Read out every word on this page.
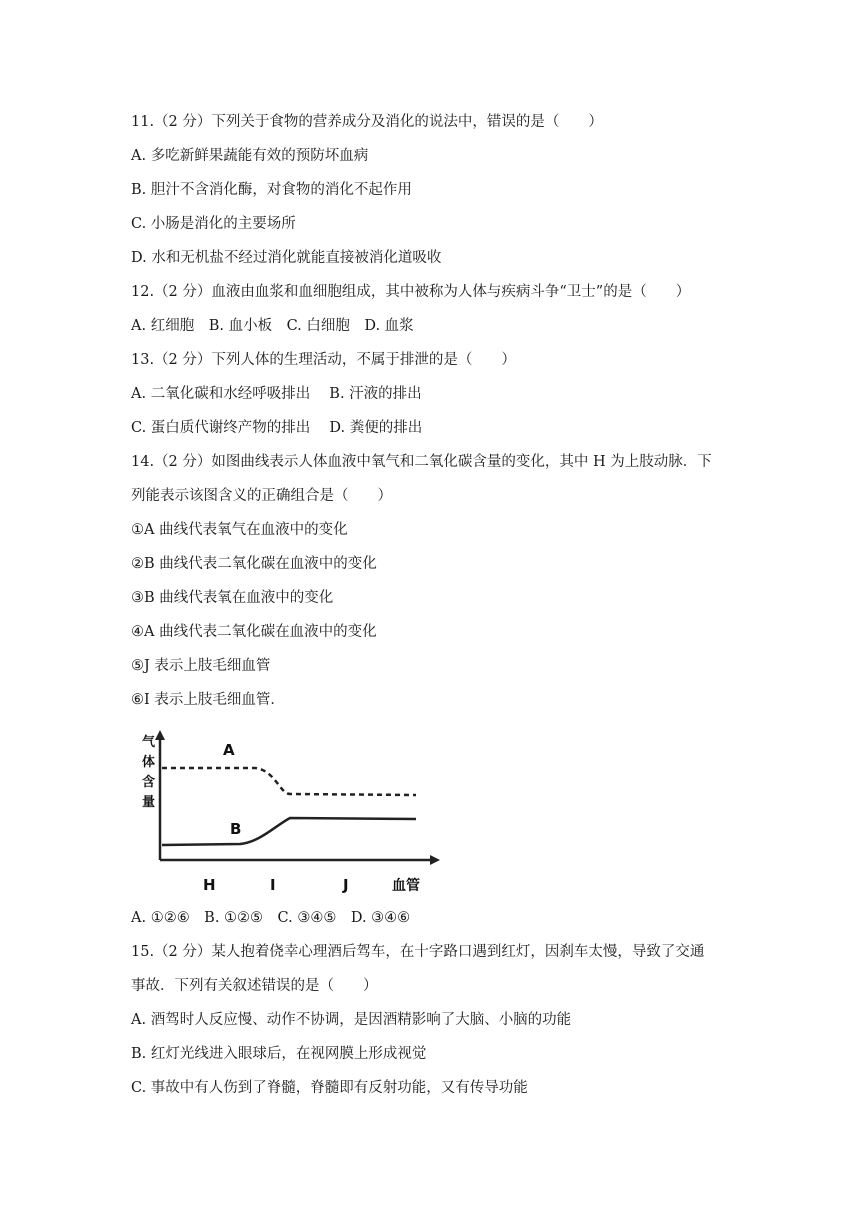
11.（2 分）下列关于食物的营养成分及消化的说法中，错误的是（　　）
A. 多吃新鲜果蔬能有效的预防坏血病
B. 胆汁不含消化酶，对食物的消化不起作用
C. 小肠是消化的主要场所
D. 水和无机盐不经过消化就能直接被消化道吸收
12.（2 分）血液由血浆和血细胞组成，其中被称为人体与疾病斗争“卫士”的是（　　）
A. 红细胞　B. 血小板　C. 白细胞　D. 血浆
13.（2 分）下列人体的生理活动，不属于排泄的是（　　）
A. 二氧化碳和水经呼吸排出　 B. 汗液的排出
C. 蛋白质代谢终产物的排出　 D. 粪便的排出
14.（2 分）如图曲线表示人体血液中氧气和二氧化碳含量的变化，其中 H 为上肢动脉．下
列能表示该图含义的正确组合是（　　）
①A 曲线代表氧气在血液中的变化
②B 曲线代表二氧化碳在血液中的变化
③B 曲线代表氧在血液中的变化
④A 曲线代表二氧化碳在血液中的变化
⑤J 表示上肢毛细血管
⑥I 表示上肢毛细血管．
气
体
含
量
A
B
H	I	J	血管
A. ①②⑥　B. ①②⑤　C. ③④⑤　D. ③④⑥
15.（2 分）某人抱着侥幸心理酒后驾车，在十字路口遇到红灯，因刹车太慢，导致了交通
事故．下列有关叙述错误的是（　　）
A. 酒驾时人反应慢、动作不协调，是因酒精影响了大脑、小脑的功能
B. 红灯光线进入眼球后，在视网膜上形成视觉
C. 事故中有人伤到了脊髓，脊髓即有反射功能，又有传导功能
